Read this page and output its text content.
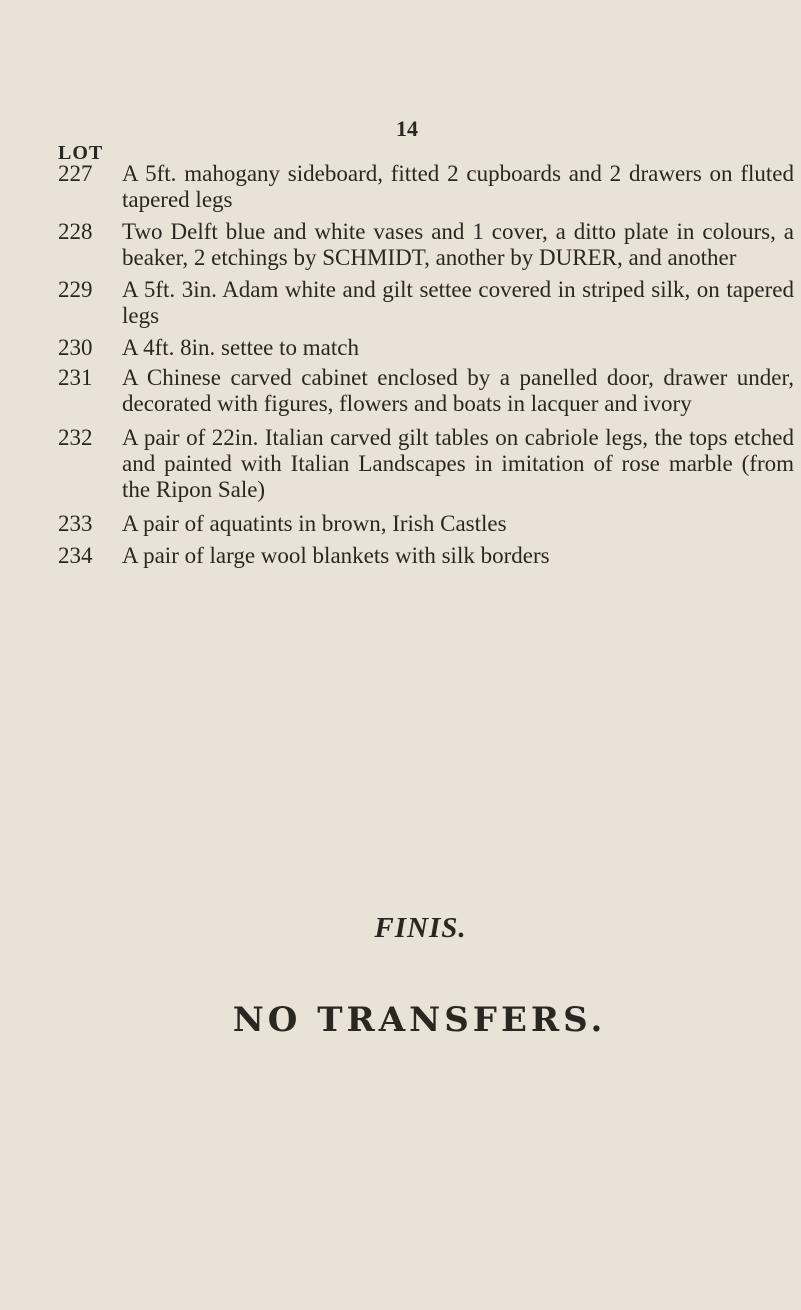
14
LOT
227	A 5ft. mahogany sideboard, fitted 2 cupboards and 2 drawers on fluted tapered legs
228	Two Delft blue and white vases and 1 cover, a ditto plate in colours, a beaker, 2 etchings by SCHMIDT, another by DURER, and another
229	A 5ft. 3in. Adam white and gilt settee covered in striped silk, on tapered legs
230	A 4ft. 8in. settee to match
231	A Chinese carved cabinet enclosed by a panelled door, drawer under, decorated with figures, flowers and boats in lacquer and ivory
232	A pair of 22in. Italian carved gilt tables on cabriole legs, the tops etched and painted with Italian Landscapes in imitation of rose marble (from the Ripon Sale)
233	A pair of aquatints in brown, Irish Castles
234	A pair of large wool blankets with silk borders
FINIS.
NO TRANSFERS.
